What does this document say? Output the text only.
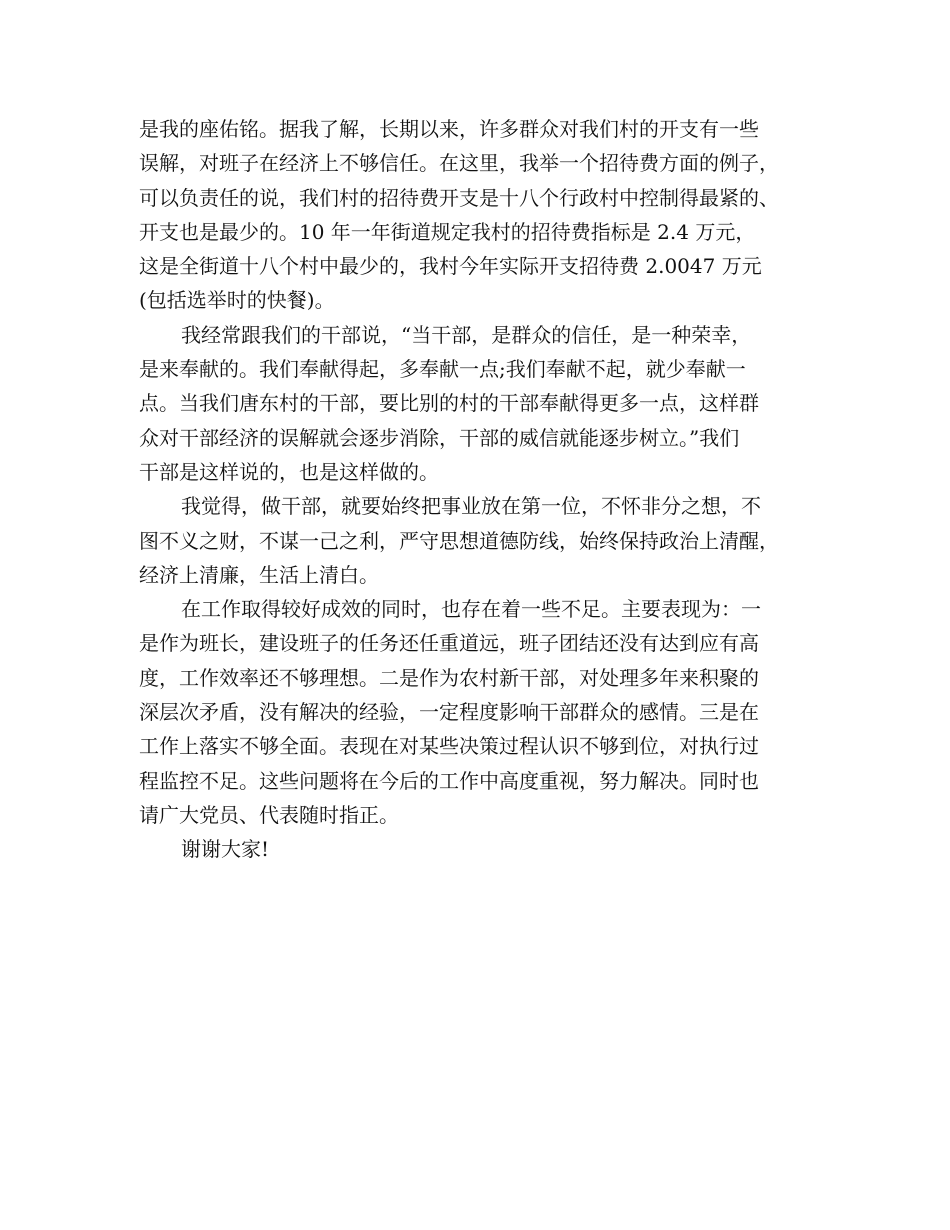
是我的座佑铭。据我了解，长期以来，许多群众对我们村的开支有一些
误解，对班子在经济上不够信任。在这里，我举一个招待费方面的例子，
可以负责任的说，我们村的招待费开支是十八个行政村中控制得最紧的、
开支也是最少的。10 年一年街道规定我村的招待费指标是 2.4 万元，
这是全街道十八个村中最少的，我村今年实际开支招待费 2.0047 万元
(包括选举时的快餐)。

我经常跟我们的干部说，“当干部，是群众的信任，是一种荣幸，
是来奉献的。我们奉献得起，多奉献一点;我们奉献不起，就少奉献一
点。当我们唐东村的干部，要比别的村的干部奉献得更多一点，这样群
众对干部经济的误解就会逐步消除，干部的威信就能逐步树立。”我们
干部是这样说的，也是这样做的。

我觉得，做干部，就要始终把事业放在第一位，不怀非分之想，不
图不义之财，不谋一己之利，严守思想道德防线，始终保持政治上清醒，
经济上清廉，生活上清白。

在工作取得较好成效的同时，也存在着一些不足。主要表现为：一
是作为班长，建设班子的任务还任重道远，班子团结还没有达到应有高
度，工作效率还不够理想。二是作为农村新干部，对处理多年来积聚的
深层次矛盾，没有解决的经验，一定程度影响干部群众的感情。三是在
工作上落实不够全面。表现在对某些决策过程认识不够到位，对执行过
程监控不足。这些问题将在今后的工作中高度重视，努力解决。同时也
请广大党员、代表随时指正。

谢谢大家!
